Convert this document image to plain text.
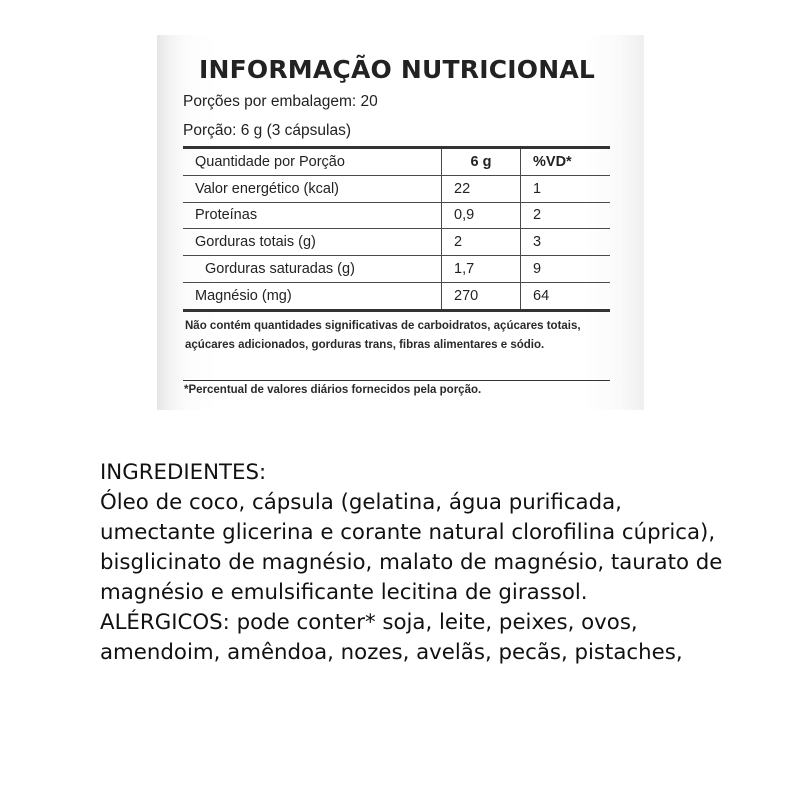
INFORMAÇÃO NUTRICIONAL
Porções por embalagem: 20
Porção: 6 g (3 cápsulas)
Quantidade por Porção	6 g	%VD*
Valor energético (kcal)	22	1
Proteínas	0,9	2
Gorduras totais (g)	2	3
Gorduras saturadas (g)	1,7	9
Magnésio (mg)	270	64
Não contém quantidades significativas de carboidratos, açúcares totais, açúcares adicionados, gorduras trans, fibras alimentares e sódio.
*Percentual de valores diários fornecidos pela porção.

INGREDIENTES:

Óleo de coco, cápsula (gelatina, água purificada, umectante glicerina e corante natural clorofilina cúprica), bisglicinato de magnésio, malato de magnésio, taurato de magnésio e emulsificante lecitina de girassol.

ALÉRGICOS: pode conter* soja, leite, peixes, ovos, amendoim, amêndoa, nozes, avelãs, pecãs, pistaches,
